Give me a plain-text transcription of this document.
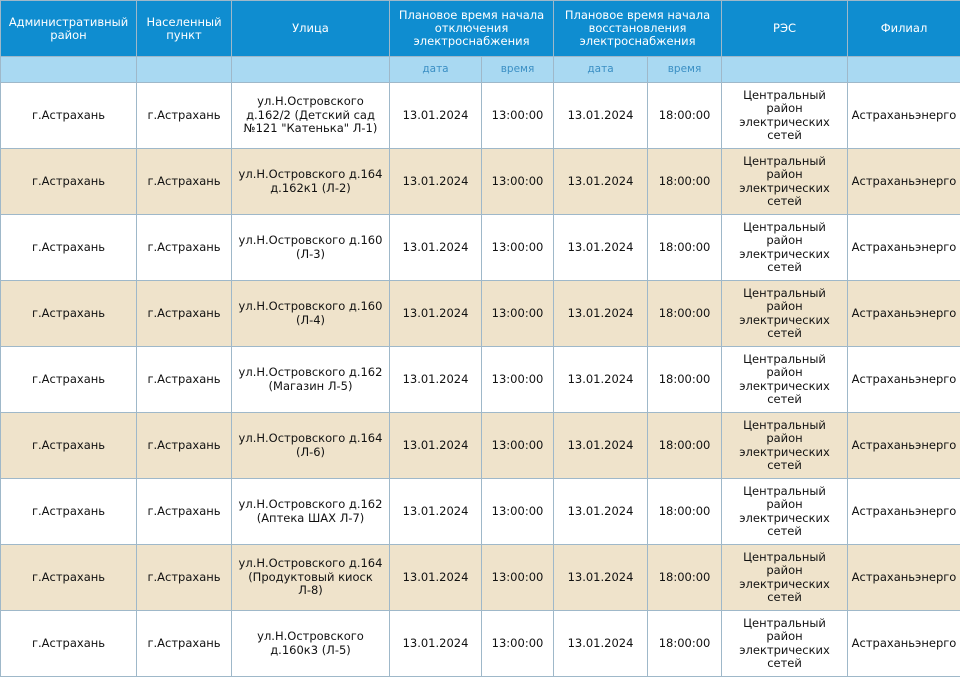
Административный район	Населенный пункт	Улица	Плановое время начала отключения электроснабжения		Плановое время начала восстановления электроснабжения		РЭС	Филиал
			дата	время	дата	время		
г.Астрахань	г.Астрахань	ул.Н.Островского д.162/2 (Детский сад №121 "Катенька" Л-1)	13.01.2024	13:00:00	13.01.2024	18:00:00	Центральный район электрических сетей	Астраханьэнерго
г.Астрахань	г.Астрахань	ул.Н.Островского д.164 д.162к1 (Л-2)	13.01.2024	13:00:00	13.01.2024	18:00:00	Центральный район электрических сетей	Астраханьэнерго
г.Астрахань	г.Астрахань	ул.Н.Островского д.160 (Л-3)	13.01.2024	13:00:00	13.01.2024	18:00:00	Центральный район электрических сетей	Астраханьэнерго
г.Астрахань	г.Астрахань	ул.Н.Островского д.160 (Л-4)	13.01.2024	13:00:00	13.01.2024	18:00:00	Центральный район электрических сетей	Астраханьэнерго
г.Астрахань	г.Астрахань	ул.Н.Островского д.162 (Магазин Л-5)	13.01.2024	13:00:00	13.01.2024	18:00:00	Центральный район электрических сетей	Астраханьэнерго
г.Астрахань	г.Астрахань	ул.Н.Островского д.164 (Л-6)	13.01.2024	13:00:00	13.01.2024	18:00:00	Центральный район электрических сетей	Астраханьэнерго
г.Астрахань	г.Астрахань	ул.Н.Островского д.162 (Аптека ШАХ Л-7)	13.01.2024	13:00:00	13.01.2024	18:00:00	Центральный район электрических сетей	Астраханьэнерго
г.Астрахань	г.Астрахань	ул.Н.Островского д.164 (Продуктовый киоск Л-8)	13.01.2024	13:00:00	13.01.2024	18:00:00	Центральный район электрических сетей	Астраханьэнерго
г.Астрахань	г.Астрахань	ул.Н.Островского д.160к3 (Л-5)	13.01.2024	13:00:00	13.01.2024	18:00:00	Центральный район электрических сетей	Астраханьэнерго
